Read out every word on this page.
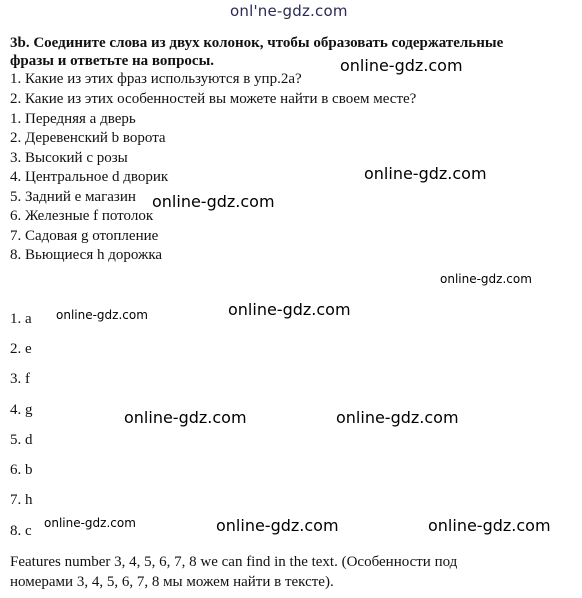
onl'ne-gdz.com
online-gdz.com
online-gdz.com
online-gdz.com
online-gdz.com
online-gdz.com
online-gdz.com
online-gdz.com	online-gdz.com
online-gdz.com	online-gdz.com	online-gdz.com
3b. Соедините слова из двух колонок, чтобы образовать содержательные
фразы и ответьте на вопросы.
1. Какие из этих фраз используются в упр.2а?
2. Какие из этих особенностей вы можете найти в своем месте?
1. Передняя a дверь
2. Деревенский b ворота
3. Высокий c розы
4. Центральное d дворик
5. Задний e магазин
6. Железные f потолок
7. Садовая g отопление
8. Вьющиеся h дорожка
1. a
2. e
3. f
4. g
5. d
6. b
7. h
8. c
Features number 3, 4, 5, 6, 7, 8 we can find in the text. (Особенности под
номерами 3, 4, 5, 6, 7, 8 мы можем найти в тексте).
